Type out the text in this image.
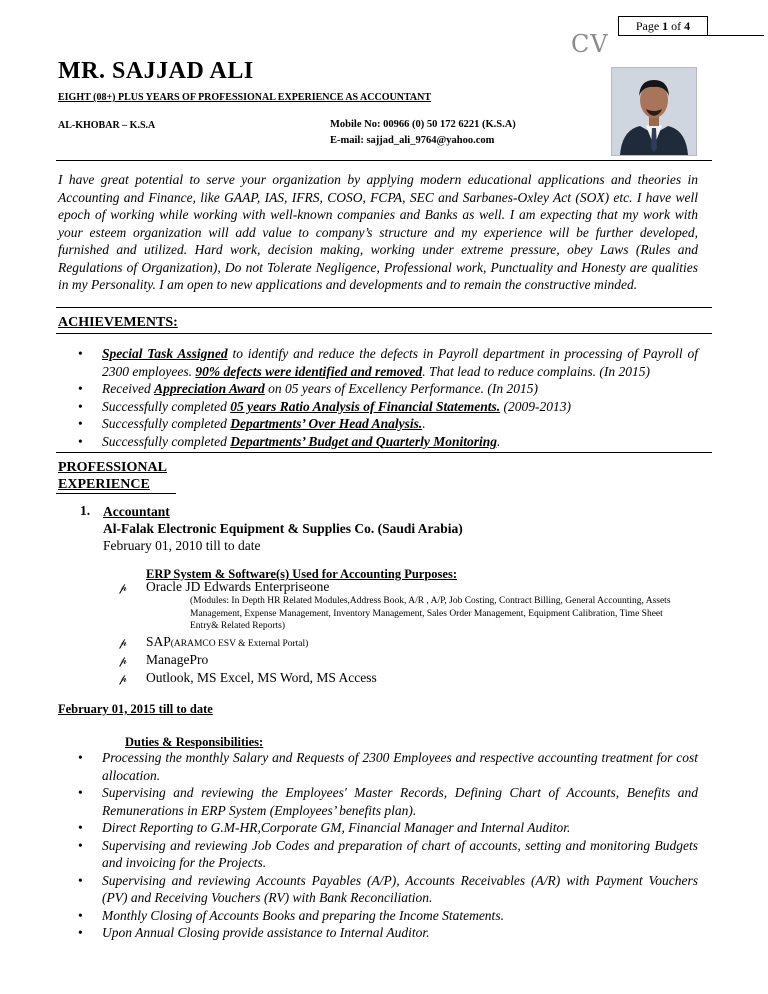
Page 1 of 4
CV
MR. SAJJAD ALI
EIGHT (08+) PLUS YEARS OF PROFESSIONAL EXPERIENCE AS ACCOUNTANT
AL-KHOBAR – K.S.A	Mobile No: 00966 (0) 50 172 6221 (K.S.A)
E-mail: sajjad_ali_9764@yahoo.com

I have great potential to serve your organization by applying modern educational applications and theories in Accounting and Finance, like GAAP, IAS, IFRS, COSO, FCPA, SEC and Sarbanes-Oxley Act (SOX) etc. I have well epoch of working while working with well-known companies and Banks as well. I am expecting that my work with your esteem organization will add value to company’s structure and my experience will be further developed, furnished and utilized. Hard work, decision making, working under extreme pressure, obey Laws (Rules and Regulations of Organization), Do not Tolerate Negligence, Professional work, Punctuality and Honesty are qualities in my Personality. I am open to new applications and developments and to remain the constructive minded.

ACHIEVEMENTS:
• Special Task Assigned to identify and reduce the defects in Payroll department in processing of Payroll of 2300 employees. 90% defects were identified and removed. That lead to reduce complains. (In 2015)
• Received Appreciation Award on 05 years of Excellency Performance. (In 2015)
• Successfully completed 05 years Ratio Analysis of Financial Statements. (2009-2013)
• Successfully completed Departments’ Over Head Analysis..
• Successfully completed Departments’ Budget and Quarterly Monitoring.
PROFESSIONAL
EXPERIENCE
1. Accountant
Al-Falak Electronic Equipment & Supplies Co. (Saudi Arabia)
February 01, 2010 till to date
ERP System & Software(s) Used for Accounting Purposes:
𝓅 Oracle JD Edwards Enterpriseone
(Modules: In Depth HR Related Modules,Address Book, A/R , A/P, Job Costing, Contract Billing, General Accounting, Assets Management, Expense Management, Inventory Management, Sales Order Management, Equipment Calibration, Time Sheet Entry& Related Reports)
𝓅 SAP(ARAMCO ESV & External Portal)
𝓅 ManagePro
𝓅 Outlook, MS Excel, MS Word, MS Access
February 01, 2015 till to date
Duties & Responsibilities:
• Processing the monthly Salary and Requests of 2300 Employees and respective accounting treatment for cost allocation.
• Supervising and reviewing the Employees' Master Records, Defining Chart of Accounts, Benefits and Remunerations in ERP System (Employees’ benefits plan).
• Direct Reporting to G.M-HR,Corporate GM, Financial Manager and Internal Auditor.
• Supervising and reviewing Job Codes and preparation of chart of accounts, setting and monitoring Budgets and invoicing for the Projects.
• Supervising and reviewing Accounts Payables (A/P), Accounts Receivables (A/R) with Payment Vouchers (PV) and Receiving Vouchers (RV) with Bank Reconciliation.
• Monthly Closing of Accounts Books and preparing the Income Statements.
• Upon Annual Closing provide assistance to Internal Auditor.
